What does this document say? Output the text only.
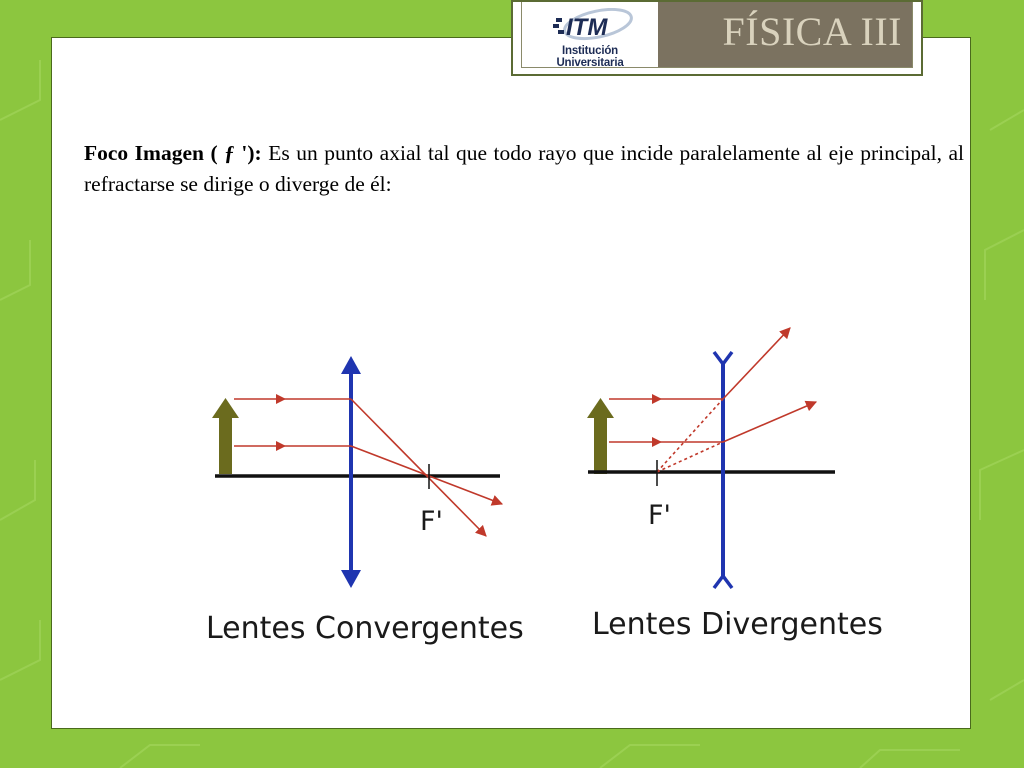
ITM
Institución Universitaria
FÍSICA III
Foco Imagen ( ƒ '): Es un punto axial tal que todo rayo que incide paralelamente al eje principal, al refractarse se dirige o diverge de él:
F'
Lentes Convergentes
F'
Lentes Divergentes
